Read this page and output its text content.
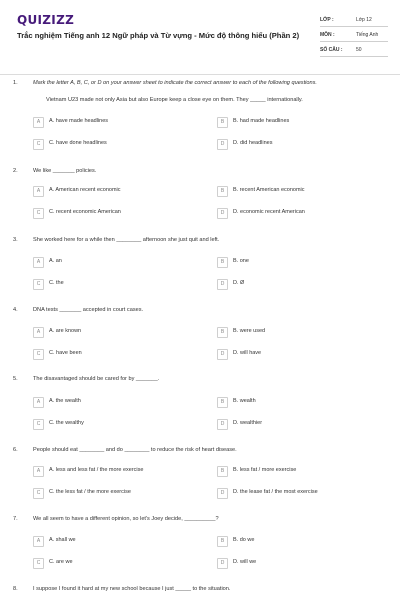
QUIZIZZ
Trắc nghiệm Tiếng anh 12 Ngữ pháp và Từ vựng - Mức độ thông hiểu (Phần 2)
LỚP :	Lớp 12
MÔN :	Tiếng Anh
SỐ CÂU :	50
1.	Mark the letter A, B, C, or D on your answer sheet to indicate the correct answer to each of the following questions.
Vietnam U23 made not only Asia but also Europe keep a close eye on them. They _____ internationally.
A	A. have made headlines	B	B. had made headlines
C	C. have done headlines	D	D. did headlines
2.	We like _______ policies.
A	A. American recent economic	B	B. recent American economic
C	C. recent economic American	D	D. economic recent American
3.	She worked here for a while then ________ afternoon she just quit and left.
A	A. an	B	B. one
C	C. the	D	D. Ø
4.	DNA tests _______ accepted in court cases.
A	A. are known	B	B. were used
C	C. have been	D	D. will have
5.	The disavantaged should be cared for by _______.
A	A. the wealth	B	B. wealth
C	C. the wealthy	D	D. wealthier
6.	People should eat ________ and do ________ to reduce the risk of heart disease.
A	A. less and less fat / the more exercise	B	B. less fat / more exercise
C	C. the less fat / the more exercise	D	D. the lease fat / the most exercise
7.	We all seem to have a different opinion, so let's Joey decide, __________?
A	A. shall we	B	B. do we
C	C. are we	D	D. will we
8.	I suppose I found it hard at my new school because I just _____ to the situation.
